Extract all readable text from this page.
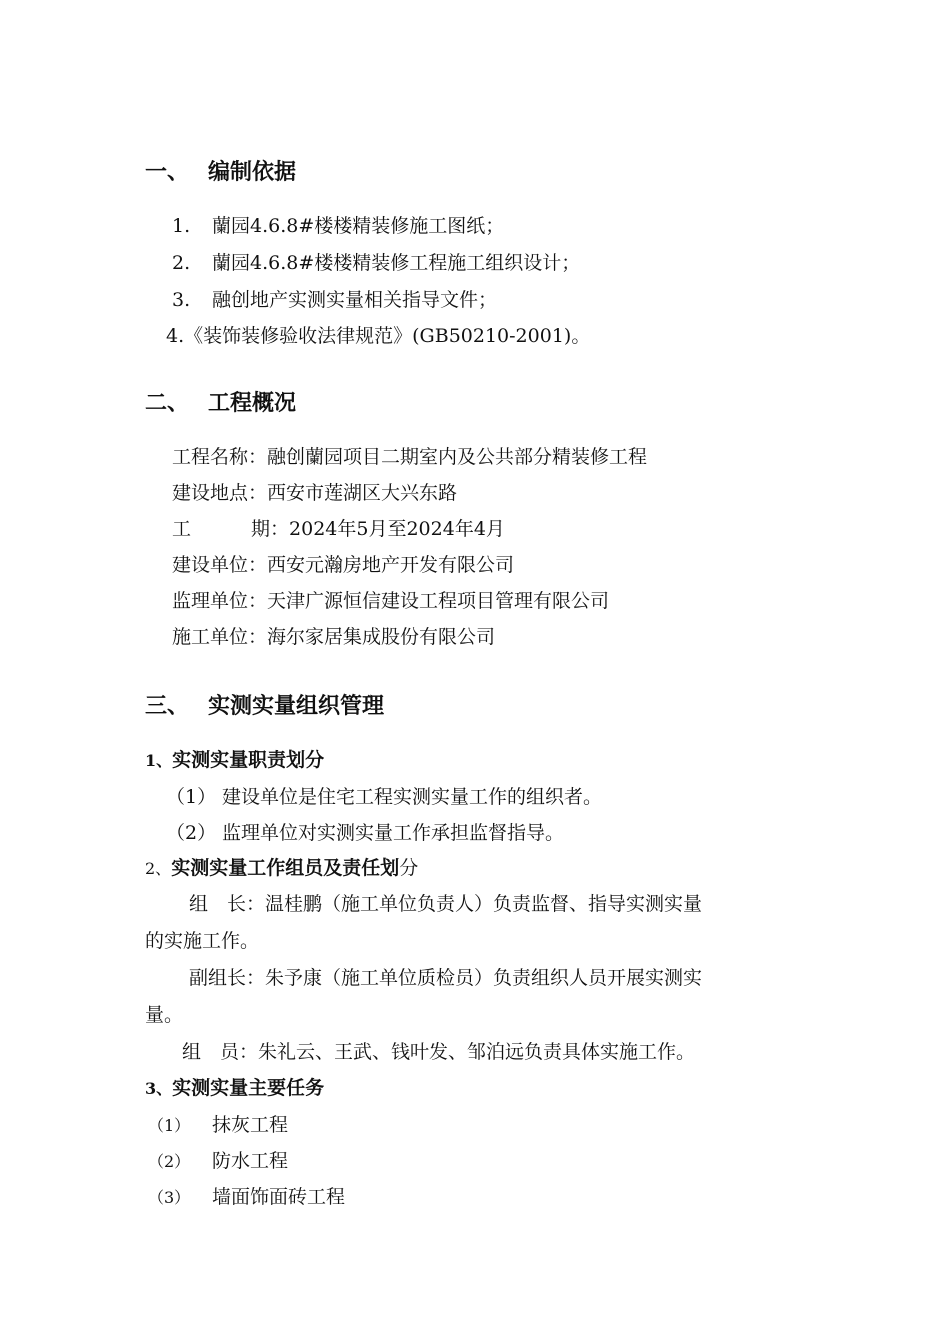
一、 编制依据
1. 蘭园4.6.8#楼楼精装修施工图纸；
2. 蘭园4.6.8#楼楼精装修工程施工组织设计；
3. 融创地产实测实量相关指导文件；
4.《装饰装修验收法律规范》(GB50210-2001)。
二、 工程概况
工程名称：融创蘭园项目二期室内及公共部分精装修工程
建设地点：西安市莲湖区大兴东路
工	期：2024年5月至2024年4月
建设单位：西安元瀚房地产开发有限公司
监理单位：天津广源恒信建设工程项目管理有限公司
施工单位：海尔家居集成股份有限公司
三、 实测实量组织管理
1、实测实量职责划分
（1） 建设单位是住宅工程实测实量工作的组织者。
（2） 监理单位对实测实量工作承担监督指导。
2、实测实量工作组员及责任划分
组　长：温桂鹏（施工单位负责人）负责监督、指导实测实量
的实施工作。
副组长：朱予康（施工单位质检员）负责组织人员开展实测实
量。
组　员：朱礼云、王武、钱叶发、邹泊远负责具体实施工作。
3、实测实量主要任务
（1） 抹灰工程
（2） 防水工程
（3） 墙面饰面砖工程
